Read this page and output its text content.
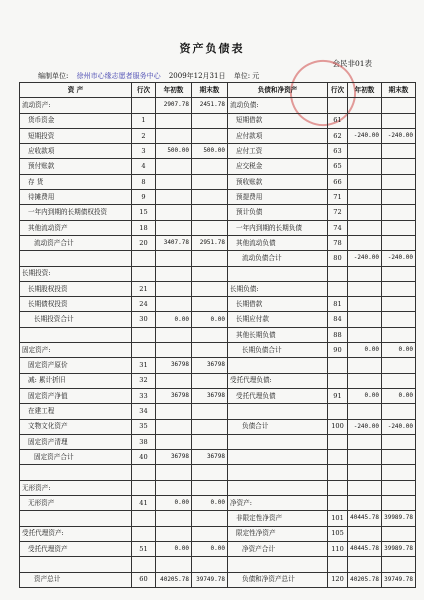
资产负债表
会民非01表
编制单位: 徐州市心缘志愿者服务中心 2009年12月31日 单位: 元
资 产	行次	年初数	期末数	负债和净资产	行次	年初数	期末数
流动资产:		2907.78	2451.78	流动负债:			
货币资金	1			短期借款	61		
短期投资	2			应付款项	62	-240.00	-240.00
应收款项	3	500.00	500.00	应付工资	63		
预付账款	4			应交税金	65		
存 货	8			预收账款	66		
待摊费用	9			预提费用	71		
一年内到期的长期债权投资	15			预计负债	72		
其他流动资产	18			一年内到期的长期负债	74		
流动资产合计	20	3407.78	2951.78	其他流动负债	78		
				流动负债合计	80	-240.00	-240.00
长期投资:							
长期股权投资	21			长期负债:			
长期债权投资	24			长期借款	81		
长期投资合计	30	0.00	0.00	长期应付款	84		
				其他长期负债	88		
固定资产:				长期负债合计	90	0.00	0.00
固定资产原价	31	36798	36798				
减: 累计折旧	32			受托代理负债:			
固定资产净值	33	36798	36798	受托代理负债	91	0.00	0.00
在建工程	34						
文物文化资产	35			负债合计	100	-240.00	-240.00
固定资产清理	38						
固定资产合计	40	36798	36798				

无形资产:							
无形资产	41	0.00	0.00	净资产:			
				非限定性净资产	101	40445.78	39989.78
受托代理资产:				限定性净资产	105		
受托代理资产	51	0.00	0.00	净资产合计	110	40445.78	39989.78

资产总计	60	40205.78	39749.78	负债和净资产总计	120	40205.78	39749.78
